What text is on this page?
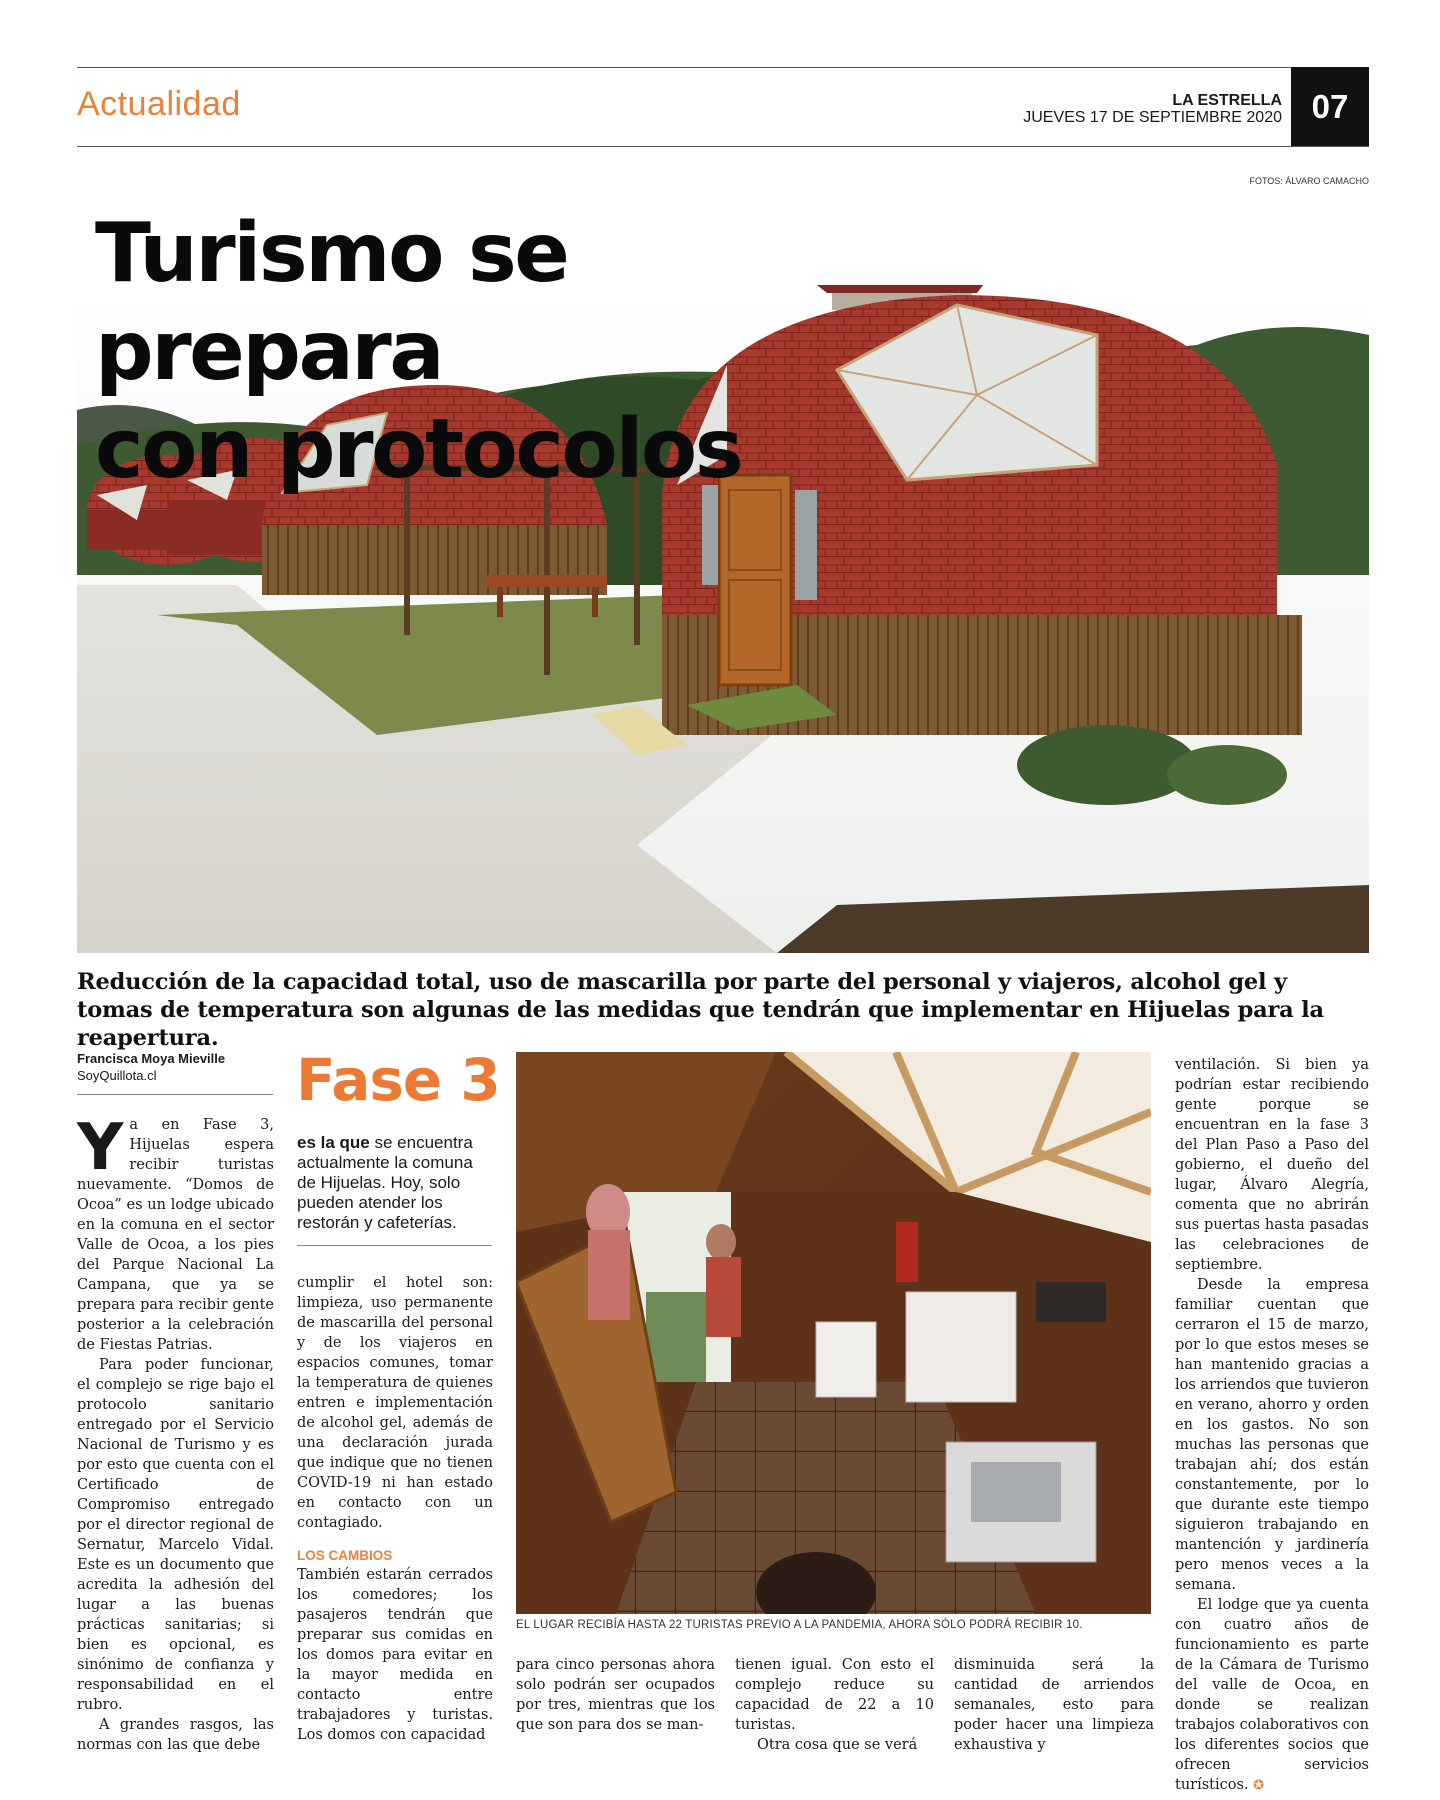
Actualidad	LA ESTRELLA
JUEVES 17 DE SEPTIEMBRE 2020 07
FOTOS: ÁLVARO CAMACHO
Turismo se prepara
con protocolos
Reducción de la capacidad total, uso de mascarilla por parte del personal y viajeros, alcohol gel y tomas de temperatura son algunas de las medidas que tendrán que implementar en Hijuelas para la reapertura.
Francisca Moya Mieville
SoyQuillota.cl

Ya en Fase 3, Hijuelas espera recibir turistas nuevamente. “Domos de Ocoa” es un lodge ubicado en la comuna en el sector Valle de Ocoa, a los pies del Parque Nacional La Campana, que ya se prepara para recibir gente posterior a la celebración de Fiestas Patrias.

Para poder funcionar, el complejo se rige bajo el protocolo sanitario entregado por el Servicio Nacional de Turismo y es por esto que cuenta con el Certificado de Compromiso entregado por el director regional de Sernatur, Marcelo Vidal. Este es un documento que acredita la adhesión del lugar a las buenas prácticas sanitarias; si bien es opcional, es sinónimo de confianza y responsabilidad en el rubro.

A grandes rasgos, las normas con las que debe

Fase 3
es la que se encuentra actualmente la comuna de Hijuelas. Hoy, solo pueden atender los restorán y cafeterías.

cumplir el hotel son: limpieza, uso permanente de mascarilla del personal y de los viajeros en espacios comunes, tomar la temperatura de quienes entren e implementación de alcohol gel, además de una declaración jurada que indique que no tienen COVID-19 ni han estado en contacto con un contagiado.

LOS CAMBIOS

También estarán cerrados los comedores; los pasajeros tendrán que preparar sus comidas en los domos para evitar en la mayor medida en contacto entre trabajadores y turistas. Los domos con capacidad

EL LUGAR RECIBÍA HASTA 22 TURISTAS PREVIO A LA PANDEMIA, AHORA SÓLO PODRÁ RECIBIR 10.

para cinco personas ahora solo podrán ser ocupados por tres, mientras que los que son para dos se man-

tienen igual. Con esto el complejo reduce su capacidad de 22 a 10 turistas.

Otra cosa que se verá

disminuida será la cantidad de arriendos semanales, esto para poder hacer una limpieza exhaustiva y

ventilación. Si bien ya podrían estar recibiendo gente porque se encuentran en la fase 3 del Plan Paso a Paso del gobierno, el dueño del lugar, Álvaro Alegría, comenta que no abrirán sus puertas hasta pasadas las celebraciones de septiembre.

Desde la empresa familiar cuentan que cerraron el 15 de marzo, por lo que estos meses se han mantenido gracias a los arriendos que tuvieron en verano, ahorro y orden en los gastos. No son muchas las personas que trabajan ahí; dos están constantemente, por lo que durante este tiempo siguieron trabajando en mantención y jardinería pero menos veces a la semana.

El lodge que ya cuenta con cuatro años de funcionamiento es parte de la Cámara de Turismo del valle de Ocoa, en donde se realizan trabajos colaborativos con los diferentes socios que ofrecen servicios turísticos. ✪
